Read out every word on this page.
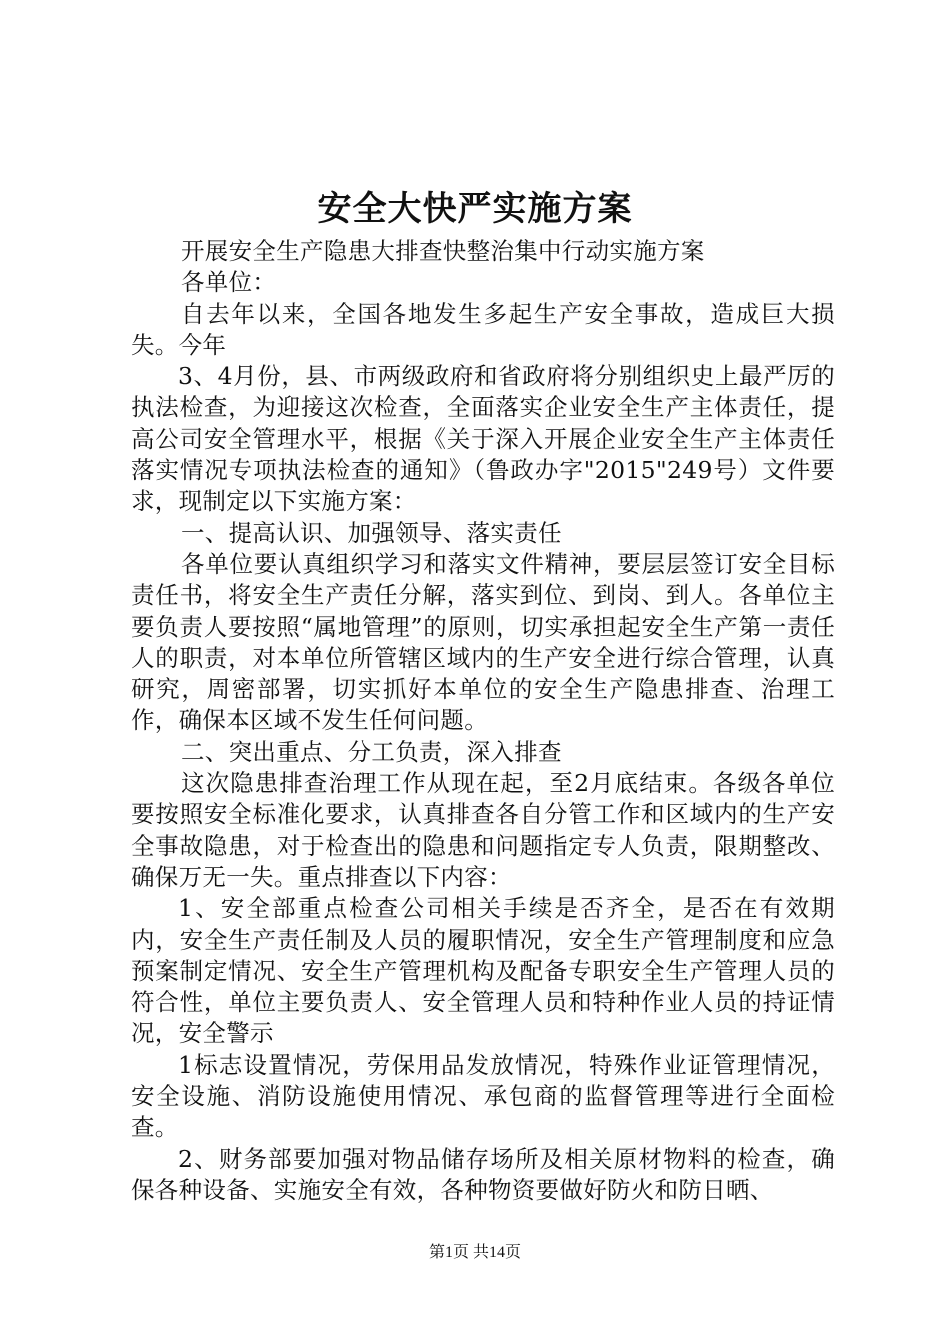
安全大快严实施方案

开展安全生产隐患大排查快整治集中行动实施方案

各单位：

自去年以来，全国各地发生多起生产安全事故，造成巨大损失。今年

3、4月份，县、市两级政府和省政府将分别组织史上最严厉的执法检查，为迎接这次检查，全面落实企业安全生产主体责任，提高公司安全管理水平，根据《关于深入开展企业安全生产主体责任落实情况专项执法检查的通知》（鲁政办字"2015"249号）文件要求，现制定以下实施方案：

一、提高认识、加强领导、落实责任

各单位要认真组织学习和落实文件精神，要层层签订安全目标责任书，将安全生产责任分解，落实到位、到岗、到人。各单位主要负责人要按照“属地管理”的原则，切实承担起安全生产第一责任人的职责，对本单位所管辖区域内的生产安全进行综合管理，认真研究，周密部署，切实抓好本单位的安全生产隐患排查、治理工作，确保本区域不发生任何问题。

二、突出重点、分工负责，深入排查

这次隐患排查治理工作从现在起，至2月底结束。各级各单位要按照安全标准化要求，认真排查各自分管工作和区域内的生产安全事故隐患，对于检查出的隐患和问题指定专人负责，限期整改、确保万无一失。重点排查以下内容：

1、安全部重点检查公司相关手续是否齐全，是否在有效期内，安全生产责任制及人员的履职情况，安全生产管理制度和应急预案制定情况、安全生产管理机构及配备专职安全生产管理人员的符合性，单位主要负责人、安全管理人员和特种作业人员的持证情况，安全警示

1标志设置情况，劳保用品发放情况，特殊作业证管理情况，安全设施、消防设施使用情况、承包商的监督管理等进行全面检查。

2、财务部要加强对物品储存场所及相关原材物料的检查，确保各种设备、实施安全有效，各种物资要做好防火和防日晒、

第1页 共14页
